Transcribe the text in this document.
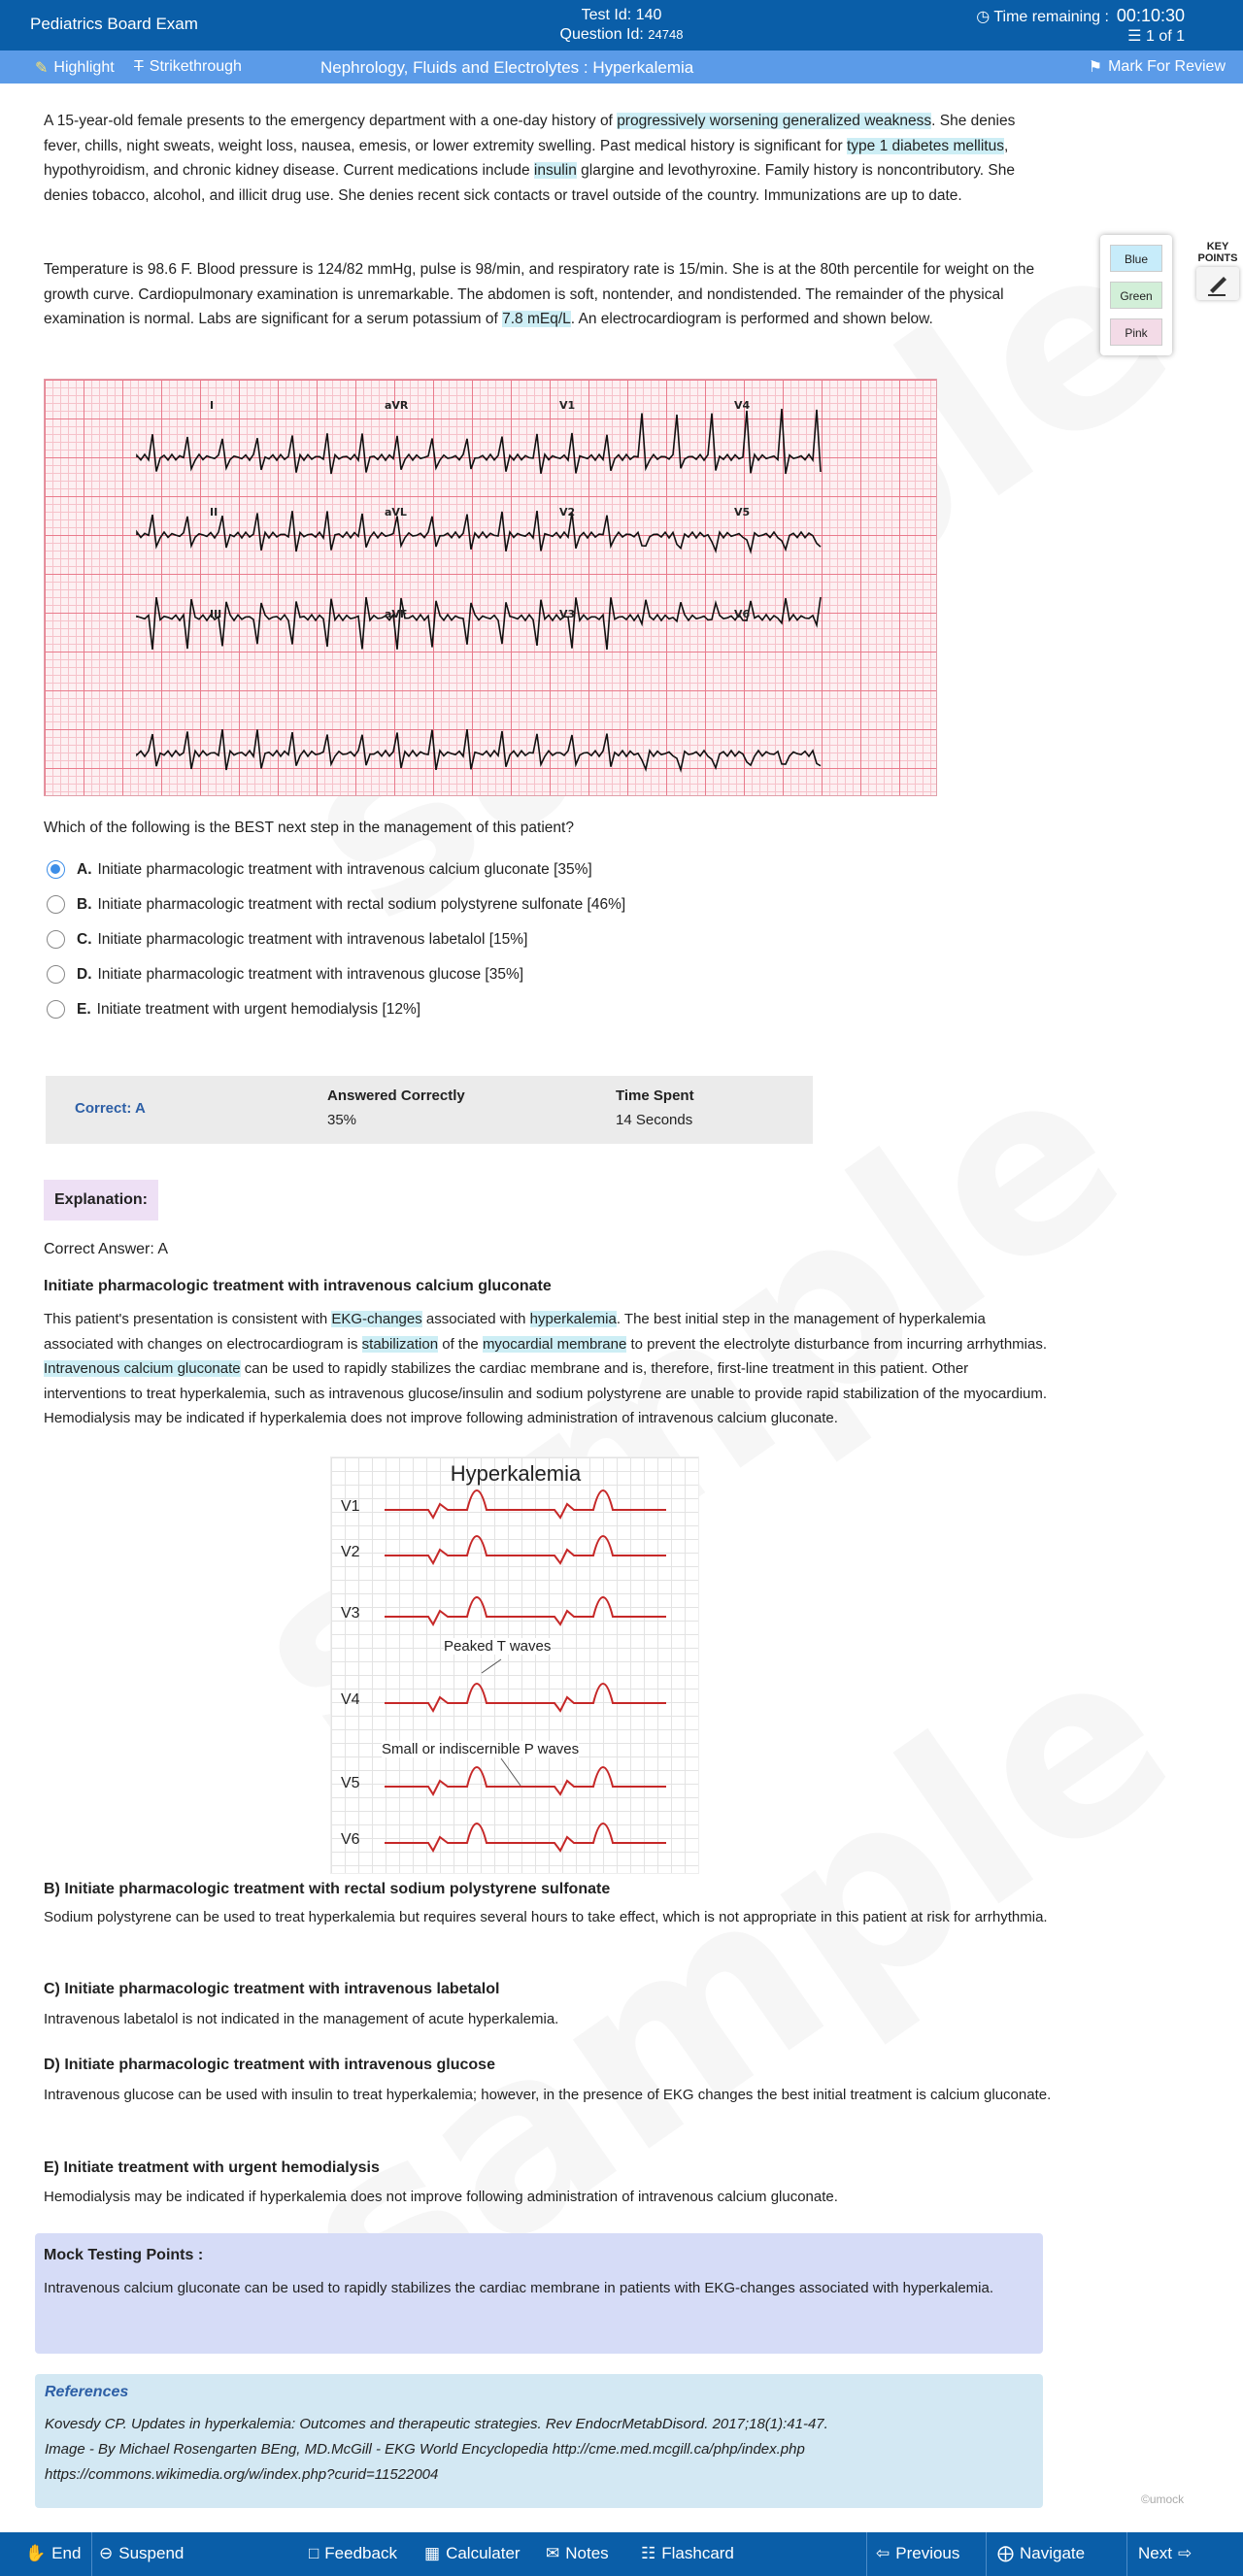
Pediatrics Board Exam	Test Id: 140
Question Id: 24748
◷ Time remaining : 00:10:30
☰ 1 of 1
✎ Highlight T Strikethrough	Nephrology, Fluids and Electrolytes : Hyperkalemia	⚑ Mark For Review
A 15-year-old female presents to the emergency department with a one-day history of progressively worsening generalized weakness. She denies fever, chills, night sweats, weight loss, nausea, emesis, or lower extremity swelling. Past medical history is significant for type 1 diabetes mellitus, hypothyroidism, and chronic kidney disease. Current medications include insulin glargine and levothyroxine. Family history is noncontributory. She denies tobacco, alcohol, and illicit drug use. She denies recent sick contacts or travel outside of the country. Immunizations are up to date.
Temperature is 98.6 F. Blood pressure is 124/82 mmHg, pulse is 98/min, and respiratory rate is 15/min. She is at the 80th percentile for weight on the growth curve. Cardiopulmonary examination is unremarkable. The abdomen is soft, nontender, and nondistended. The remainder of the physical examination is normal. Labs are significant for a serum potassium of 7.8 mEq/L. An electrocardiogram is performed and shown below.
Blue
Green
Pink
KEY POINTS
I	aVR	V1	V4
II	aVL	V2	V5
III	aVF	V3	V6
Which of the following is the BEST next step in the management of this patient?
A. Initiate pharmacologic treatment with intravenous calcium gluconate
[35%]
B. Initiate pharmacologic treatment with rectal sodium polystyrene sulfonate
[46%]
C. Initiate pharmacologic treatment with intravenous labetalol
[15%]
D. Initiate pharmacologic treatment with intravenous glucose
[35%]
E. Initiate treatment with urgent hemodialysis
[12%]
Correct: A
Answered Correctly
35%
Time Spent
14 Seconds
Explanation:
Correct Answer: A
Initiate pharmacologic treatment with intravenous calcium gluconate
This patient's presentation is consistent with EKG-changes associated with hyperkalemia. The best initial step in the management of hyperkalemia associated with changes on electrocardiogram is stabilization of the myocardial membrane to prevent the electrolyte disturbance from incurring arrhythmias. Intravenous calcium gluconate can be used to rapidly stabilizes the cardiac membrane and is, therefore, first-line treatment in this patient. Other interventions to treat hyperkalemia, such as intravenous glucose/insulin and sodium polystyrene are unable to provide rapid stabilization of the myocardium. Hemodialysis may be indicated if hyperkalemia does not improve following administration of intravenous calcium gluconate.
Hyperkalemia
Peaked T waves
Small or indiscernible P waves
V1
V2
V3
V4
V5
V6
B) Initiate pharmacologic treatment with rectal sodium polystyrene sulfonate
Sodium polystyrene can be used to treat hyperkalemia but requires several hours to take effect, which is not appropriate in this patient at risk for arrhythmia.
C) Initiate pharmacologic treatment with intravenous labetalol
Intravenous labetalol is not indicated in the management of acute hyperkalemia.
D) Initiate pharmacologic treatment with intravenous glucose
Intravenous glucose can be used with insulin to treat hyperkalemia; however, in the presence of EKG changes the best initial treatment is calcium gluconate.
E) Initiate treatment with urgent hemodialysis
Hemodialysis may be indicated if hyperkalemia does not improve following administration of intravenous calcium gluconate.
Mock Testing Points :
Intravenous calcium gluconate can be used to rapidly stabilizes the cardiac membrane in patients with EKG-changes associated with hyperkalemia.
References
Kovesdy CP. Updates in hyperkalemia: Outcomes and therapeutic strategies. Rev EndocrMetabDisord. 2017;18(1):41-47.
Image - By Michael Rosengarten BEng, MD.McGill - EKG World Encyclopedia http://cme.med.mcgill.ca/php/index.php
https://commons.wikimedia.org/w/index.php?curid=11522004
©umock
✋ End ⊖ Suspend	□ Feedback ▦ Calculater ✉ Notes ☷ Flashcard	⇦ Previous ⨁ Navigate	Next ⇨
